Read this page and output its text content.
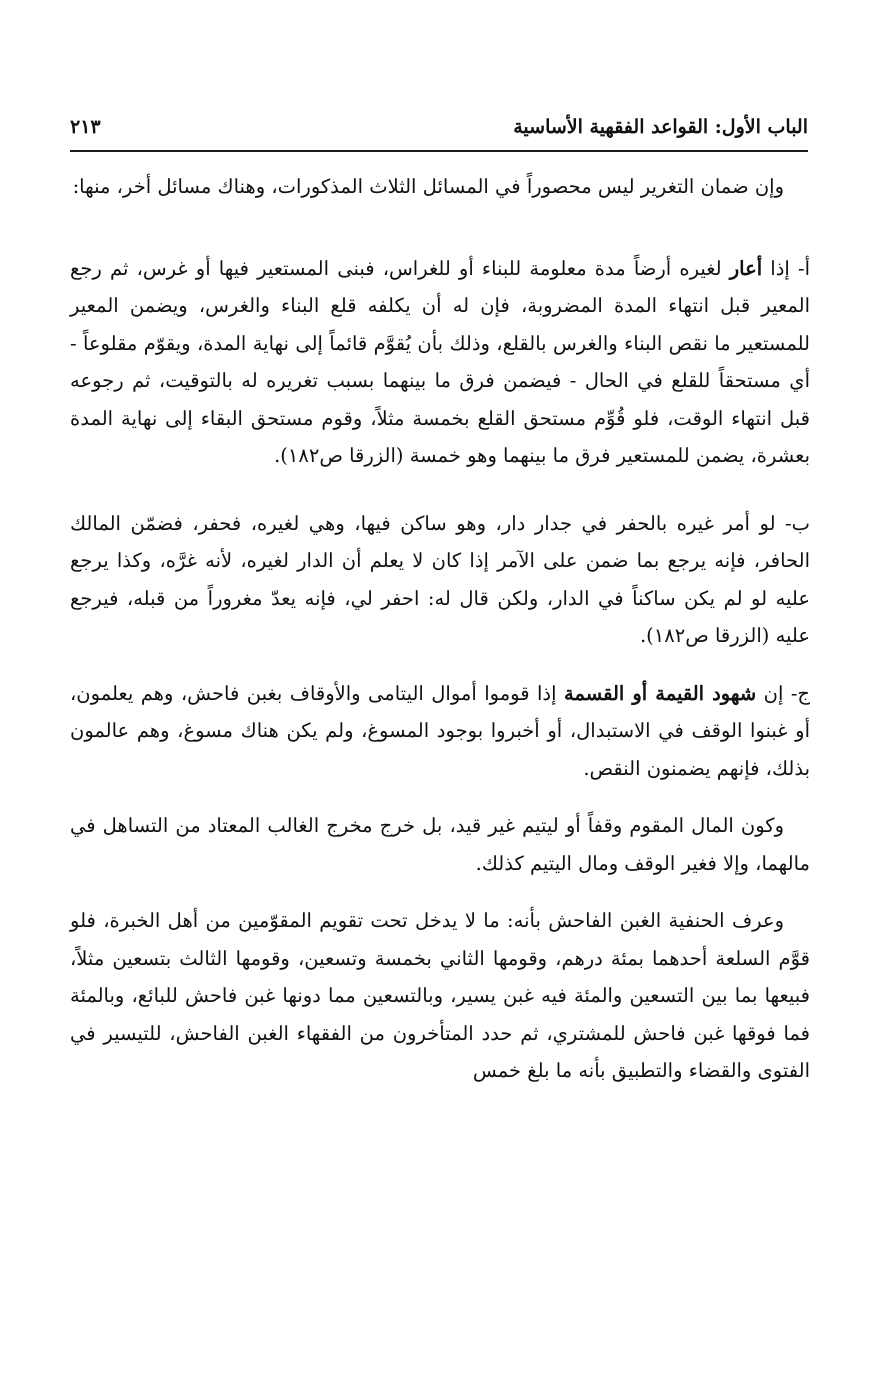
الباب الأول: القواعد الفقهية الأساسية
٢١٣

وإن ضمان التغرير ليس محصوراً في المسائل الثلاث المذكورات، وهناك مسائل أخر، منها:

أ- إذا أعار لغيره أرضاً مدة معلومة للبناء أو للغراس، فبنى المستعير فيها أو غرس، ثم رجع المعير قبل انتهاء المدة المضروبة، فإن له أن يكلفه قلع البناء والغرس، ويضمن المعير للمستعير ما نقص البناء والغرس بالقلع، وذلك بأن يُقوَّم قائماً إلى نهاية المدة، ويقوّم مقلوعاً - أي مستحقاً للقلع في الحال - فيضمن فرق ما بينهما بسبب تغريره له بالتوقيت، ثم رجوعه قبل انتهاء الوقت، فلو قُوِّم مستحق القلع بخمسة مثلاً، وقوم مستحق البقاء إلى نهاية المدة بعشرة، يضمن للمستعير فرق ما بينهما وهو خمسة (الزرقا ص١٨٢).

ب- لو أمر غيره بالحفر في جدار دار، وهو ساكن فيها، وهي لغيره، فحفر، فضمّن المالك الحافر، فإنه يرجع بما ضمن على الآمر إذا كان لا يعلم أن الدار لغيره، لأنه غرَّه، وكذا يرجع عليه لو لم يكن ساكناً في الدار، ولكن قال له: احفر لي، فإنه يعدّ مغروراً من قبله، فيرجع عليه (الزرقا ص١٨٢).

ج- إن شهود القيمة أو القسمة إذا قوموا أموال اليتامى والأوقاف بغبن فاحش، وهم يعلمون، أو غبنوا الوقف في الاستبدال، أو أخبروا بوجود المسوغ، ولم يكن هناك مسوغ، وهم عالمون بذلك، فإنهم يضمنون النقص.

وكون المال المقوم وقفاً أو ليتيم غير قيد، بل خرج مخرج الغالب المعتاد من التساهل في مالهما، وإلا فغير الوقف ومال اليتيم كذلك.

وعرف الحنفية الغبن الفاحش بأنه: ما لا يدخل تحت تقويم المقوّمين من أهل الخبرة، فلو قوَّم السلعة أحدهما بمئة درهم، وقومها الثاني بخمسة وتسعين، وقومها الثالث بتسعين مثلاً، فبيعها بما بين التسعين والمئة فيه غبن يسير، وبالتسعين مما دونها غبن فاحش للبائع، وبالمئة فما فوقها غبن فاحش للمشتري، ثم حدد المتأخرون من الفقهاء الغبن الفاحش، للتيسير في الفتوى والقضاء والتطبيق بأنه ما بلغ خمس
